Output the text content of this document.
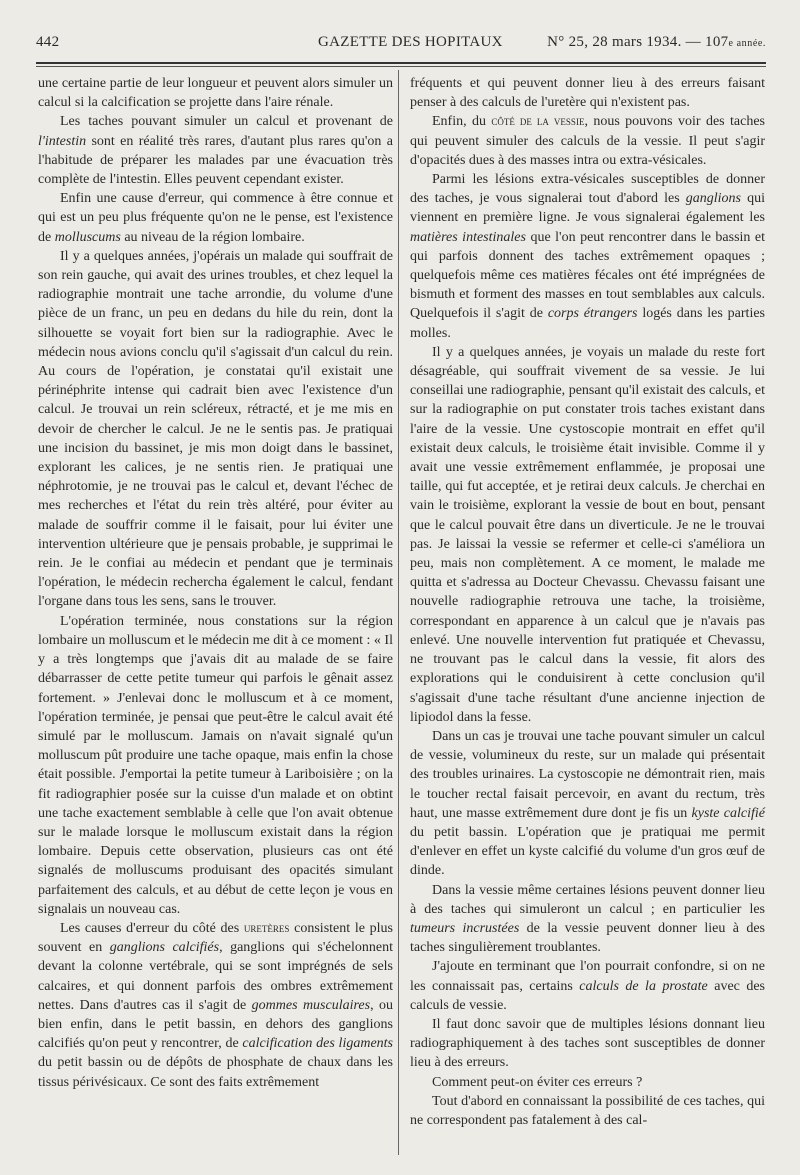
442	GAZETTE DES HOPITAUX	N° 25, 28 mars 1934. — 107e année.

une certaine partie de leur longueur et peuvent alors simuler un calcul si la calcification se projette dans l'aire rénale.

Les taches pouvant simuler un calcul et provenant de l'intestin sont en réalité très rares, d'autant plus rares qu'on a l'habitude de préparer les malades par une évacuation très complète de l'intestin. Elles peuvent cependant exister.

Enfin une cause d'erreur, qui commence à être connue et qui est un peu plus fréquente qu'on ne le pense, est l'existence de molluscums au niveau de la région lombaire.

Il y a quelques années, j'opérais un malade qui souffrait de son rein gauche, qui avait des urines troubles, et chez lequel la radiographie montrait une tache arrondie, du volume d'une pièce de un franc, un peu en dedans du hile du rein, dont la silhouette se voyait fort bien sur la radiographie. Avec le médecin nous avions conclu qu'il s'agissait d'un calcul du rein. Au cours de l'opération, je constatai qu'il existait une périnéphrite intense qui cadrait bien avec l'existence d'un calcul. Je trouvai un rein scléreux, rétracté, et je me mis en devoir de chercher le calcul. Je ne le sentis pas. Je pratiquai une incision du bassinet, je mis mon doigt dans le bassinet, explorant les calices, je ne sentis rien. Je pratiquai une néphrotomie, je ne trouvai pas le calcul et, devant l'échec de mes recherches et l'état du rein très altéré, pour éviter au malade de souffrir comme il le faisait, pour lui éviter une intervention ultérieure que je pensais probable, je supprimai le rein. Je le confiai au médecin et pendant que je terminais l'opération, le médecin rechercha également le calcul, fendant l'organe dans tous les sens, sans le trouver.

L'opération terminée, nous constations sur la région lombaire un molluscum et le médecin me dit à ce moment : « Il y a très longtemps que j'avais dit au malade de se faire débarrasser de cette petite tumeur qui parfois le gênait assez fortement. » J'enlevai donc le molluscum et à ce moment, l'opération terminée, je pensai que peut-être le calcul avait été simulé par le molluscum. Jamais on n'avait signalé qu'un molluscum pût produire une tache opaque, mais enfin la chose était possible. J'emportai la petite tumeur à Lariboisière ; on la fit radiographier posée sur la cuisse d'un malade et on obtint une tache exactement semblable à celle que l'on avait obtenue sur le malade lorsque le molluscum existait dans la région lombaire. Depuis cette observation, plusieurs cas ont été signalés de molluscums produisant des opacités simulant parfaitement des calculs, et au début de cette leçon je vous en signalais un nouveau cas.

Les causes d'erreur du côté des uretères consistent le plus souvent en ganglions calcifiés, ganglions qui s'échelonnent devant la colonne vertébrale, qui se sont imprégnés de sels calcaires, et qui donnent parfois des ombres extrêmement nettes. Dans d'autres cas il s'agit de gommes musculaires, ou bien enfin, dans le petit bassin, en dehors des ganglions calcifiés qu'on peut y rencontrer, de calcification des ligaments du petit bassin ou de dépôts de phosphate de chaux dans les tissus périvésicaux. Ce sont des faits extrêmement

fréquents et qui peuvent donner lieu à des erreurs faisant penser à des calculs de l'uretère qui n'existent pas.

Enfin, du côté de la vessie, nous pouvons voir des taches qui peuvent simuler des calculs de la vessie. Il peut s'agir d'opacités dues à des masses intra ou extra-vésicales.

Parmi les lésions extra-vésicales susceptibles de donner des taches, je vous signalerai tout d'abord les ganglions qui viennent en première ligne. Je vous signalerai également les matières intestinales que l'on peut rencontrer dans le bassin et qui parfois donnent des taches extrêmement opaques ; quelquefois même ces matières fécales ont été imprégnées de bismuth et forment des masses en tout semblables aux calculs. Quelquefois il s'agit de corps étrangers logés dans les parties molles.

Il y a quelques années, je voyais un malade du reste fort désagréable, qui souffrait vivement de sa vessie. Je lui conseillai une radiographie, pensant qu'il existait des calculs, et sur la radiographie on put constater trois taches existant dans l'aire de la vessie. Une cystoscopie montrait en effet qu'il existait deux calculs, le troisième était invisible. Comme il y avait une vessie extrêmement enflammée, je proposai une taille, qui fut acceptée, et je retirai deux calculs. Je cherchai en vain le troisième, explorant la vessie de bout en bout, pensant que le calcul pouvait être dans un diverticule. Je ne le trouvai pas. Je laissai la vessie se refermer et celle-ci s'améliora un peu, mais non complètement. A ce moment, le malade me quitta et s'adressa au Docteur Chevassu. Chevassu faisant une nouvelle radiographie retrouva une tache, la troisième, correspondant en apparence à un calcul que je n'avais pas enlevé. Une nouvelle intervention fut pratiquée et Chevassu, ne trouvant pas le calcul dans la vessie, fit alors des explorations qui le conduisirent à cette conclusion qu'il s'agissait d'une tache résultant d'une ancienne injection de lipiodol dans la fesse.

Dans un cas je trouvai une tache pouvant simuler un calcul de vessie, volumineux du reste, sur un malade qui présentait des troubles urinaires. La cystoscopie ne démontrait rien, mais le toucher rectal faisait percevoir, en avant du rectum, très haut, une masse extrêmement dure dont je fis un kyste calcifié du petit bassin. L'opération que je pratiquai me permit d'enlever en effet un kyste calcifié du volume d'un gros œuf de dinde.

Dans la vessie même certaines lésions peuvent donner lieu à des taches qui simuleront un calcul ; en particulier les tumeurs incrustées de la vessie peuvent donner lieu à des taches singulièrement troublantes.

J'ajoute en terminant que l'on pourrait confondre, si on ne les connaissait pas, certains calculs de la prostate avec des calculs de vessie.

Il faut donc savoir que de multiples lésions donnant lieu radiographiquement à des taches sont susceptibles de donner lieu à des erreurs.

Comment peut-on éviter ces erreurs ?

Tout d'abord en connaissant la possibilité de ces taches, qui ne correspondent pas fatalement à des cal-
